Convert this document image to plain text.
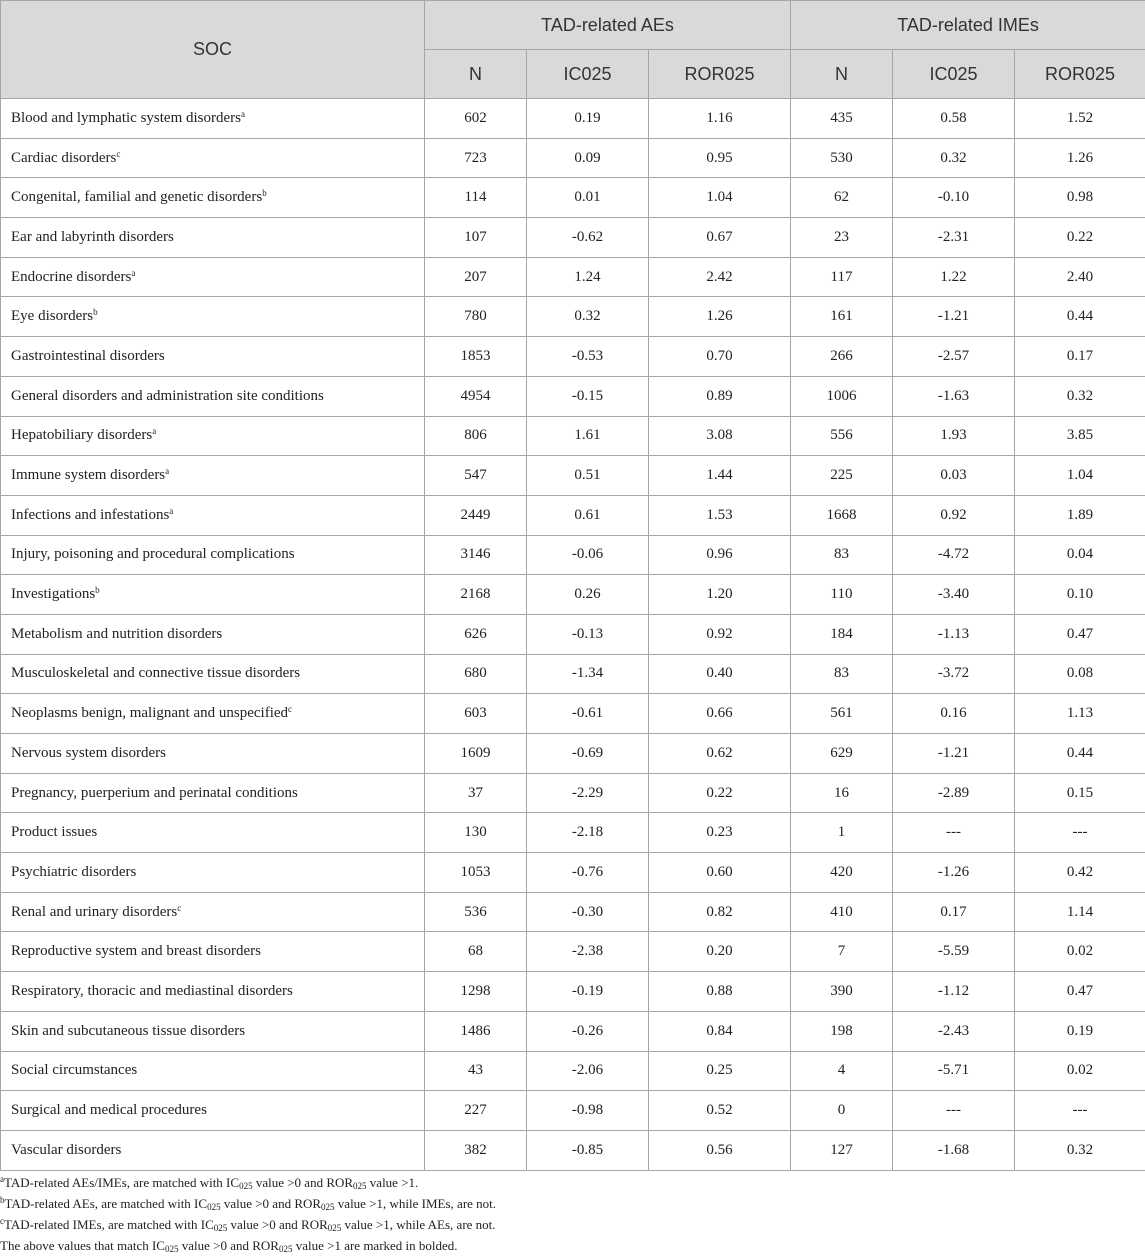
SOC	TAD-related AEs			TAD-related IMEs		
	N	IC025	ROR025	N	IC025	ROR025
Blood and lymphatic system disorders$^a$	602	0.19	1.16	435	0.58	1.52
Cardiac disorders$^c$	723	0.09	0.95	530	0.32	1.26
Congenital, familial and genetic disorders$^b$	114	0.01	1.04	62	-0.10	0.98
Ear and labyrinth disorders	107	-0.62	0.67	23	-2.31	0.22
Endocrine disorders$^a$	207	1.24	2.42	117	1.22	2.40
Eye disorders$^b$	780	0.32	1.26	161	-1.21	0.44
Gastrointestinal disorders	1853	-0.53	0.70	266	-2.57	0.17
General disorders and administration site conditions	4954	-0.15	0.89	1006	-1.63	0.32
Hepatobiliary disorders$^a$	806	1.61	3.08	556	1.93	3.85
Immune system disorders$^a$	547	0.51	1.44	225	0.03	1.04
Infections and infestations$^a$	2449	0.61	1.53	1668	0.92	1.89
Injury, poisoning and procedural complications	3146	-0.06	0.96	83	-4.72	0.04
Investigations$^b$	2168	0.26	1.20	110	-3.40	0.10
Metabolism and nutrition disorders	626	-0.13	0.92	184	-1.13	0.47
Musculoskeletal and connective tissue disorders	680	-1.34	0.40	83	-3.72	0.08
Neoplasms benign, malignant and unspecified$^c$	603	-0.61	0.66	561	0.16	1.13
Nervous system disorders	1609	-0.69	0.62	629	-1.21	0.44
Pregnancy, puerperium and perinatal conditions	37	-2.29	0.22	16	-2.89	0.15
Product issues	130	-2.18	0.23	1	---	---
Psychiatric disorders	1053	-0.76	0.60	420	-1.26	0.42
Renal and urinary disorders$^c$	536	-0.30	0.82	410	0.17	1.14
Reproductive system and breast disorders	68	-2.38	0.20	7	-5.59	0.02
Respiratory, thoracic and mediastinal disorders	1298	-0.19	0.88	390	-1.12	0.47
Skin and subcutaneous tissue disorders	1486	-0.26	0.84	198	-2.43	0.19
Social circumstances	43	-2.06	0.25	4	-5.71	0.02
Surgical and medical procedures	227	-0.98	0.52	0	---	---
Vascular disorders	382	-0.85	0.56	127	-1.68	0.32
$^a$TAD-related AEs/IMEs, are matched with $IC_{025}$ value >0 and $ROR_{025}$ value >1.
$^b$TAD-related AEs, are matched with $IC_{025}$ value >0 and $ROR_{025}$ value >1, while IMEs, are not.
$^c$TAD-related IMEs, are matched with $IC_{025}$ value >0 and $ROR_{025}$ value >1, while AEs, are not.
The above values that match $IC_{025}$ value >0 and $ROR_{025}$ value >1 are marked in bolded.
